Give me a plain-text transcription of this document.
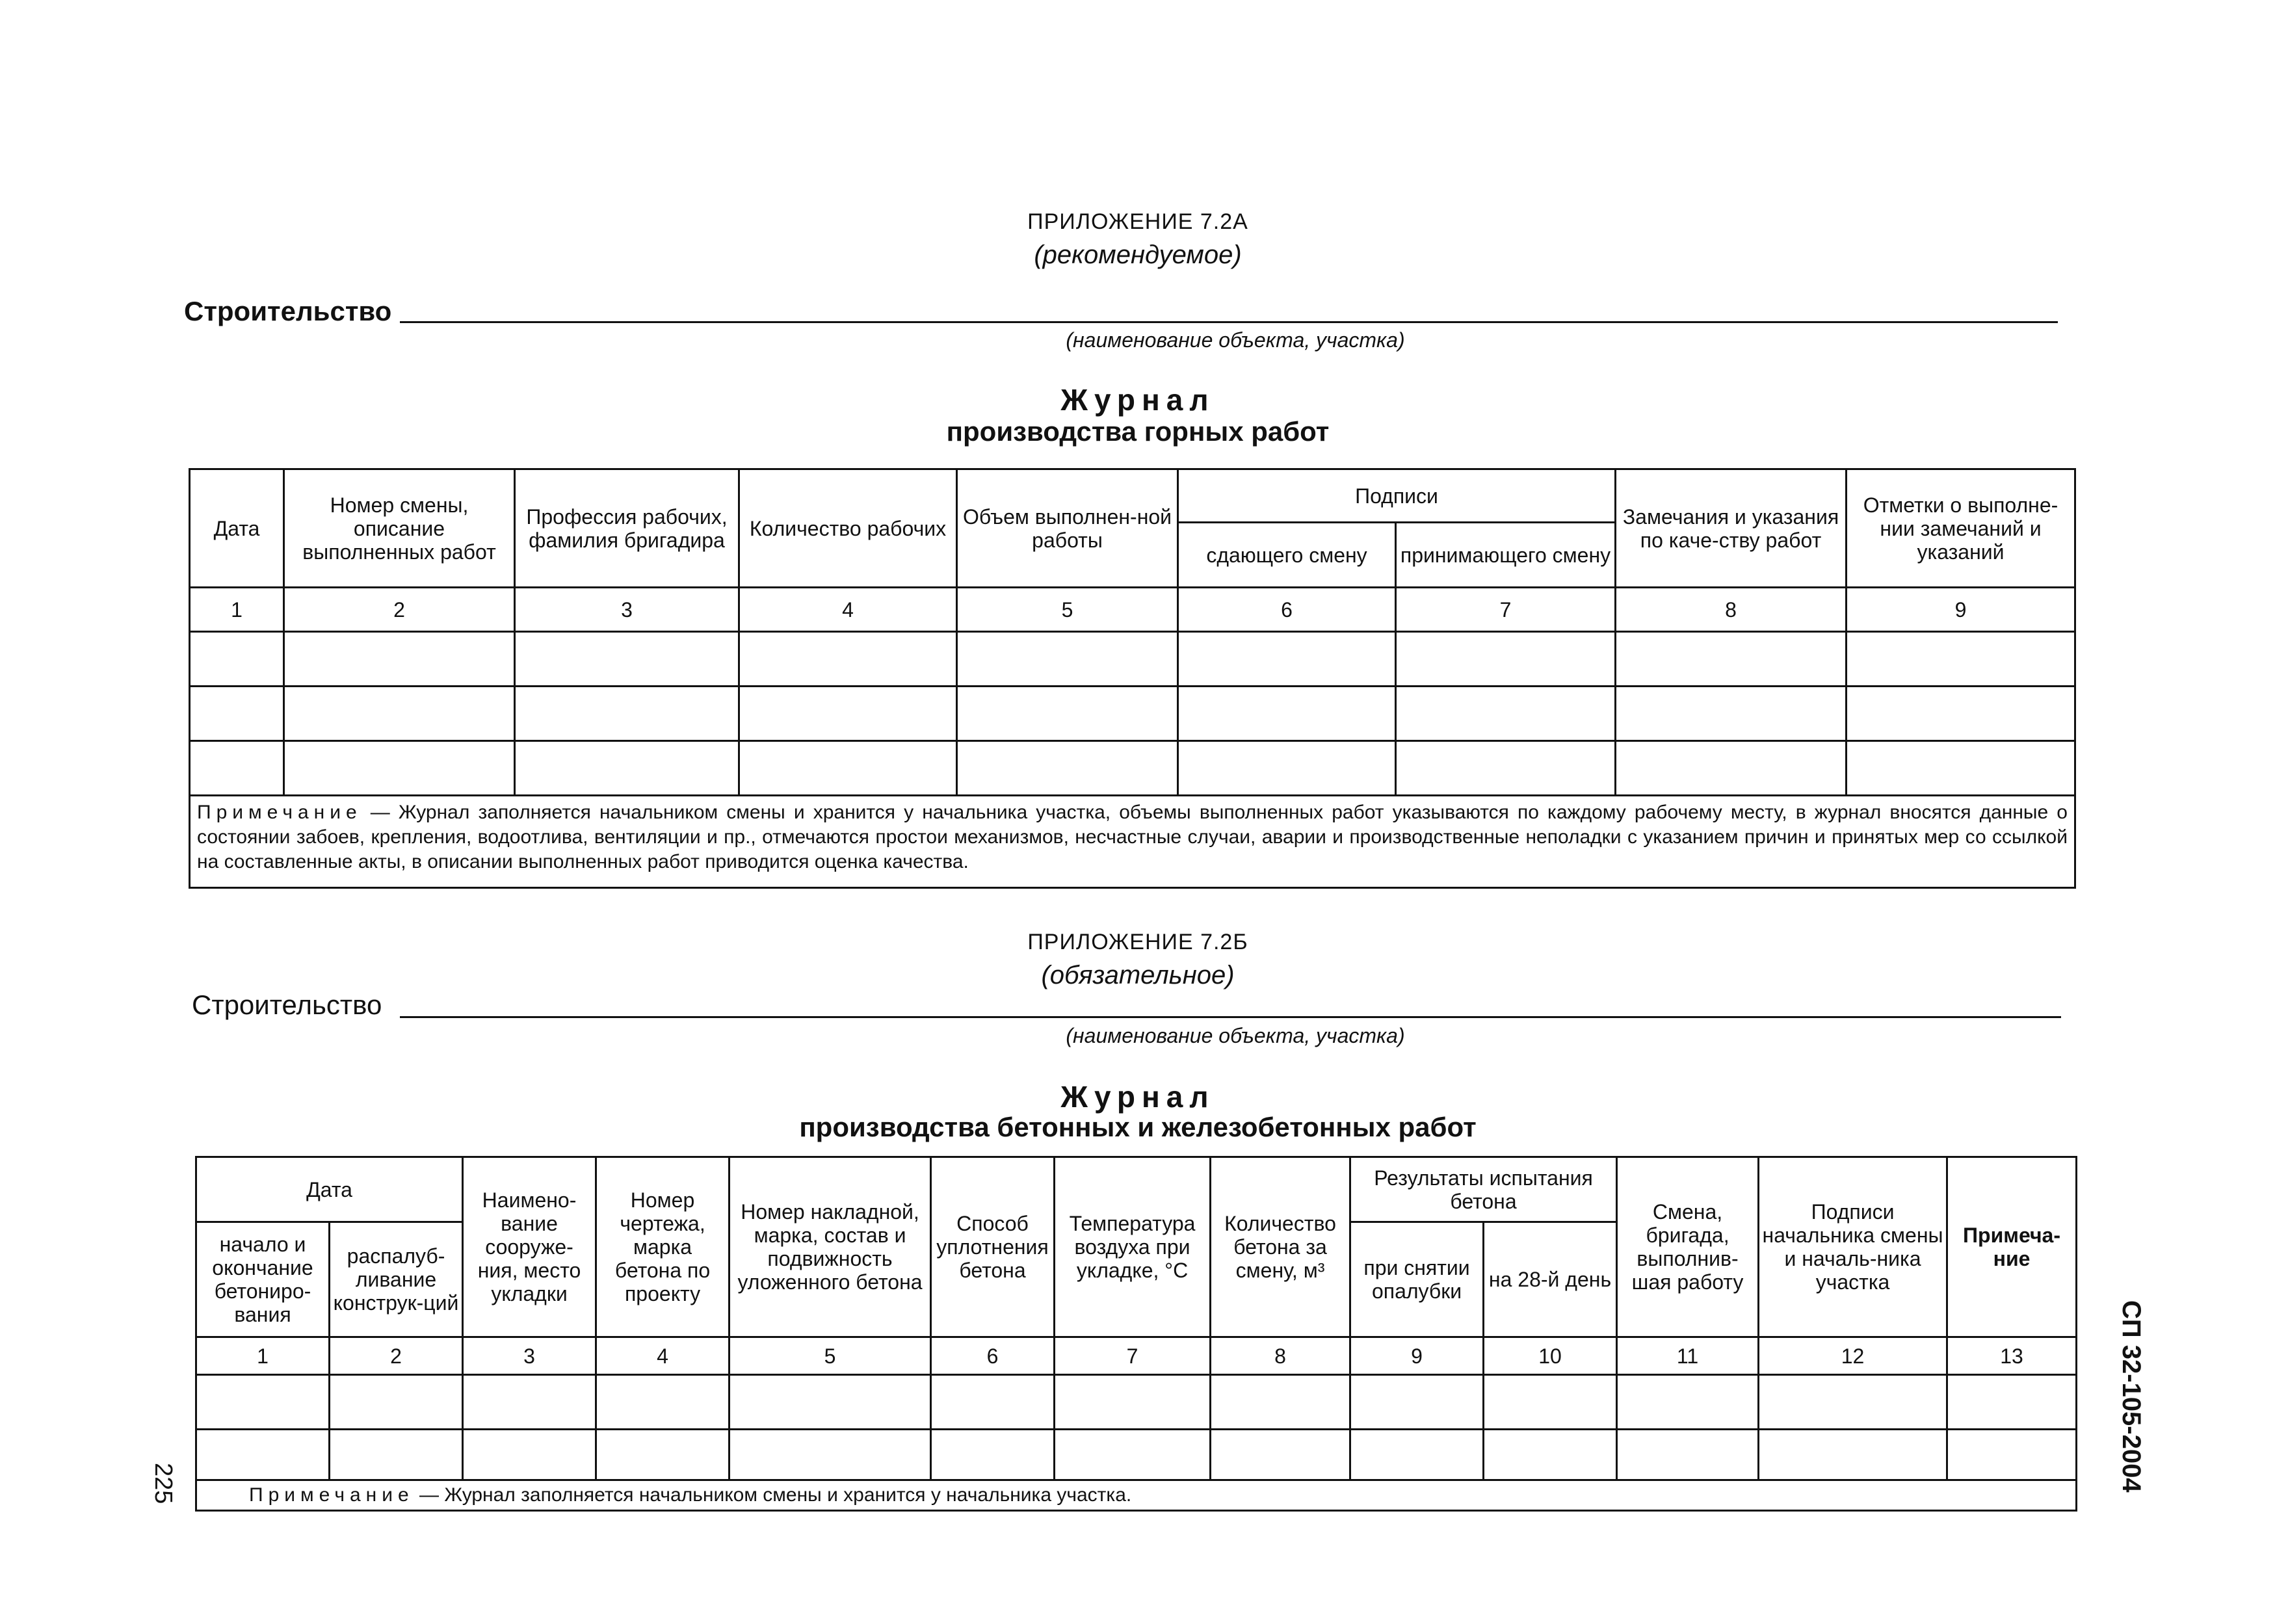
ПРИЛОЖЕНИЕ 7.2А
(рекомендуемое)
Строительство
(наименование объекта, участка)
Журнал
производства горных работ
Дата	Номер смены, описание выполненных работ	Профессия рабочих, фамилия бригадира	Количество рабочих	Объем выполнен-ной работы	Подписи		Замечания и указания по каче-ству работ	Отметки о выполне-нии замечаний и указаний
					сдающего смену	принимающего смену		
1	2	3	4	5	6	7	8	9

Примечание — Журнал заполняется начальником смены и хранится у начальника участка, объемы выполненных работ указываются по каждому рабочему месту, в журнал вносятся данные о состоянии забоев, крепления, водоотлива, вентиляции и пр., отмечаются простои механизмов, несчастные случаи, аварии и производственные неполадки с указанием причин и принятых мер со ссылкой на составленные акты, в описании выполненных работ приводится оценка качества.								
ПРИЛОЖЕНИЕ 7.2Б
(обязательное)
Строительство
(наименование объекта, участка)
Журнал
производства бетонных и железобетонных работ
Дата		Наимено-вание сооруже-ния, место укладки	Номер чертежа, марка бетона по проекту	Номер накладной, марка, состав и подвижность уложенного бетона	Способ уплотнения бетона	Температура воздуха при укладке, °С	Количество бетона за смену, м³	Результаты испытания бетона		Смена, бригада, выполнив-шая работу	Подписи начальника смены и началь-ника участка	Примеча-ние
начало и окончание бетониро-вания	распалуб-ливание конструк-ций							при снятии опалубки	на 28-й день			
1	2	3	4	5	6	7	8	9	10	11	12	13

Примечание — Журнал заполняется начальником смены и хранится у начальника участка.												
СП 32-105-2004
225
